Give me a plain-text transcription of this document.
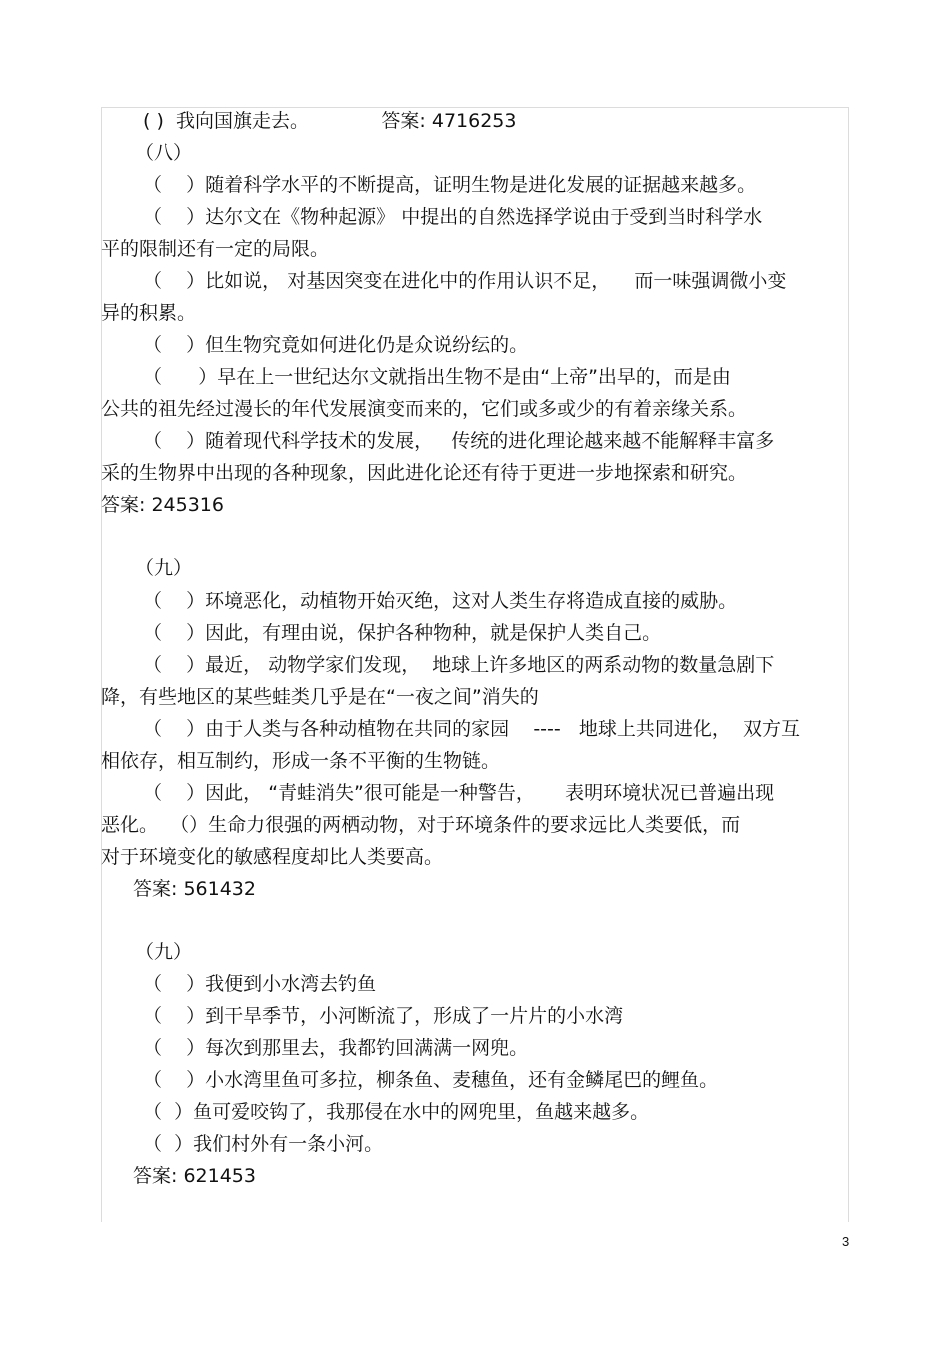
( )  我向国旗走去。            答案: 4716253
（八）
（    ）随着科学水平的不断提高，证明生物是进化发展的证据越来越多。
（    ）达尔文在《物种起源》 中提出的自然选择学说由于受到当时科学水
平的限制还有一定的局限。
（    ）比如说， 对基因突变在进化中的作用认识不足，    而一味强调微小变
异的积累。
（    ）但生物究竟如何进化仍是众说纷纭的。
（      ）早在上一世纪达尔文就指出生物不是由“上帝”出早的，而是由
公共的祖先经过漫长的年代发展演变而来的，它们或多或少的有着亲缘关系。
（    ）随着现代科学技术的发展，   传统的进化理论越来越不能解释丰富多
采的生物界中出现的各种现象，因此进化论还有待于更进一步地探索和研究。
答案: 245316
（九）
（    ）环境恶化，动植物开始灭绝，这对人类生存将造成直接的威胁。
（    ）因此，有理由说，保护各种物种，就是保护人类自己。
（    ）最近， 动物学家们发现，  地球上许多地区的两系动物的数量急剧下
降，有些地区的某些蛙类几乎是在“一夜之间”消失的
（    ）由于人类与各种动植物在共同的家园    ----   地球上共同进化，  双方互
相依存，相互制约，形成一条不平衡的生物链。
（    ）因此， “青蛙消失”很可能是一种警告，     表明环境状况已普遍出现
恶化。  （）生命力很强的两栖动物，对于环境条件的要求远比人类要低，而
对于环境变化的敏感程度却比人类要高。
答案: 561432
（九）
（    ）我便到小水湾去钓鱼
（    ）到干旱季节，小河断流了，形成了一片片的小水湾
（    ）每次到那里去，我都钓回满满一网兜。
（    ）小水湾里鱼可多拉，柳条鱼、麦穗鱼，还有金鳞尾巴的鲤鱼。
（  ）鱼可爱咬钩了，我那侵在水中的网兜里，鱼越来越多。
（  ）我们村外有一条小河。
答案: 621453
3
